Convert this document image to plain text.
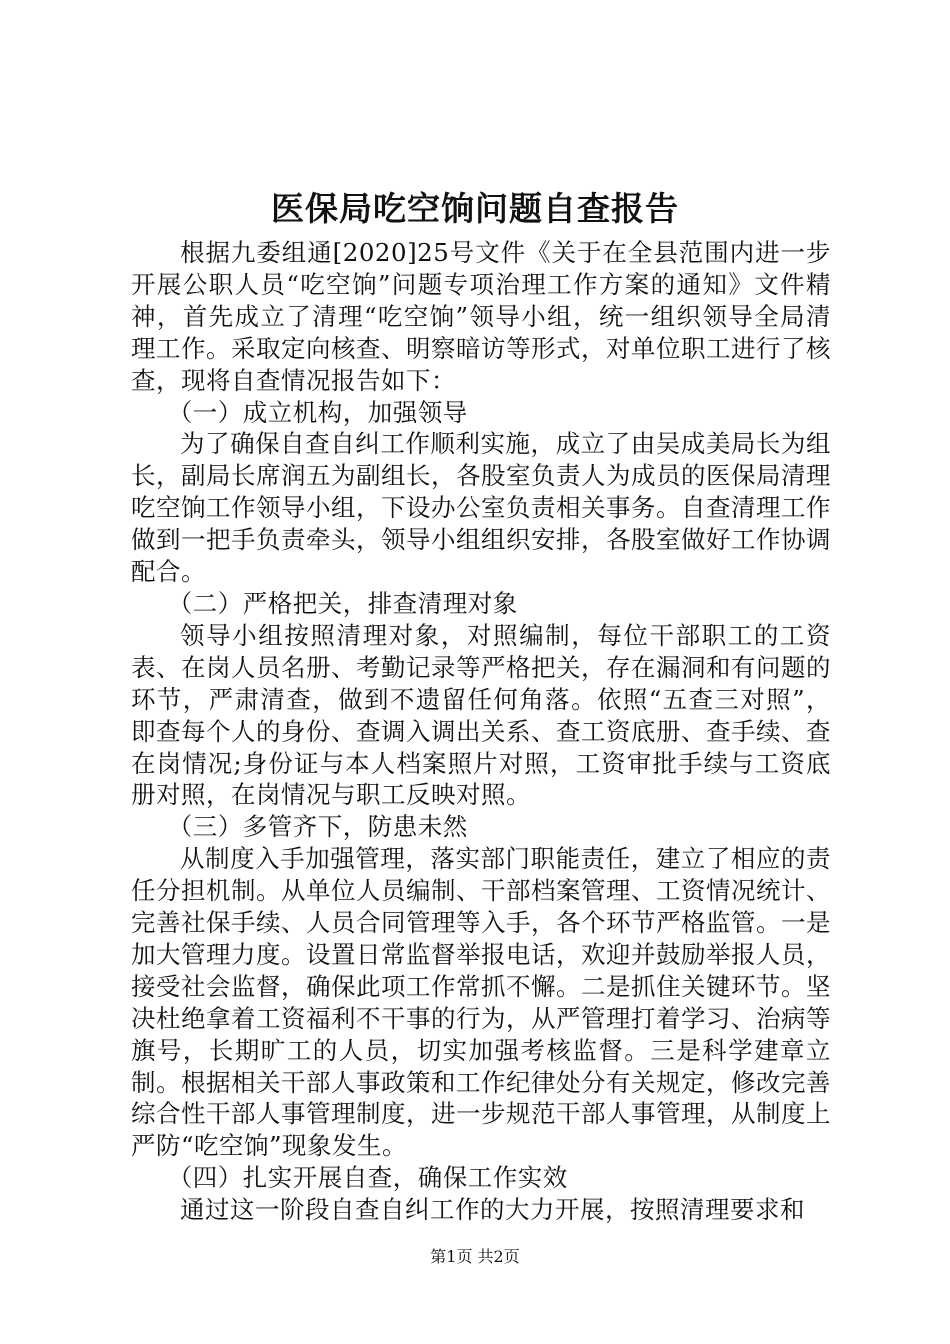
医保局吃空饷问题自查报告

根据九委组通[2020]25号文件《关于在全县范围内进一步开展公职人员“吃空饷”问题专项治理工作方案的通知》文件精神，首先成立了清理“吃空饷”领导小组，统一组织领导全局清理工作。采取定向核查、明察暗访等形式，对单位职工进行了核查，现将自查情况报告如下：

（一）成立机构，加强领导

为了确保自查自纠工作顺利实施，成立了由吴成美局长为组长，副局长席润五为副组长，各股室负责人为成员的医保局清理吃空饷工作领导小组，下设办公室负责相关事务。自查清理工作做到一把手负责牵头，领导小组组织安排，各股室做好工作协调配合。

（二）严格把关，排查清理对象

领导小组按照清理对象，对照编制，每位干部职工的工资表、在岗人员名册、考勤记录等严格把关，存在漏洞和有问题的环节，严肃清查，做到不遗留任何角落。依照“五查三对照”，即查每个人的身份、查调入调出关系、查工资底册、查手续、查在岗情况;身份证与本人档案照片对照，工资审批手续与工资底册对照，在岗情况与职工反映对照。

（三）多管齐下，防患未然

从制度入手加强管理，落实部门职能责任，建立了相应的责任分担机制。从单位人员编制、干部档案管理、工资情况统计、完善社保手续、人员合同管理等入手，各个环节严格监管。一是加大管理力度。设置日常监督举报电话，欢迎并鼓励举报人员，接受社会监督，确保此项工作常抓不懈。二是抓住关键环节。坚决杜绝拿着工资福利不干事的行为，从严管理打着学习、治病等旗号，长期旷工的人员，切实加强考核监督。三是科学建章立制。根据相关干部人事政策和工作纪律处分有关规定，修改完善综合性干部人事管理制度，进一步规范干部人事管理，从制度上严防“吃空饷”现象发生。

（四）扎实开展自查，确保工作实效

通过这一阶段自查自纠工作的大力开展，按照清理要求和

第1页 共2页
